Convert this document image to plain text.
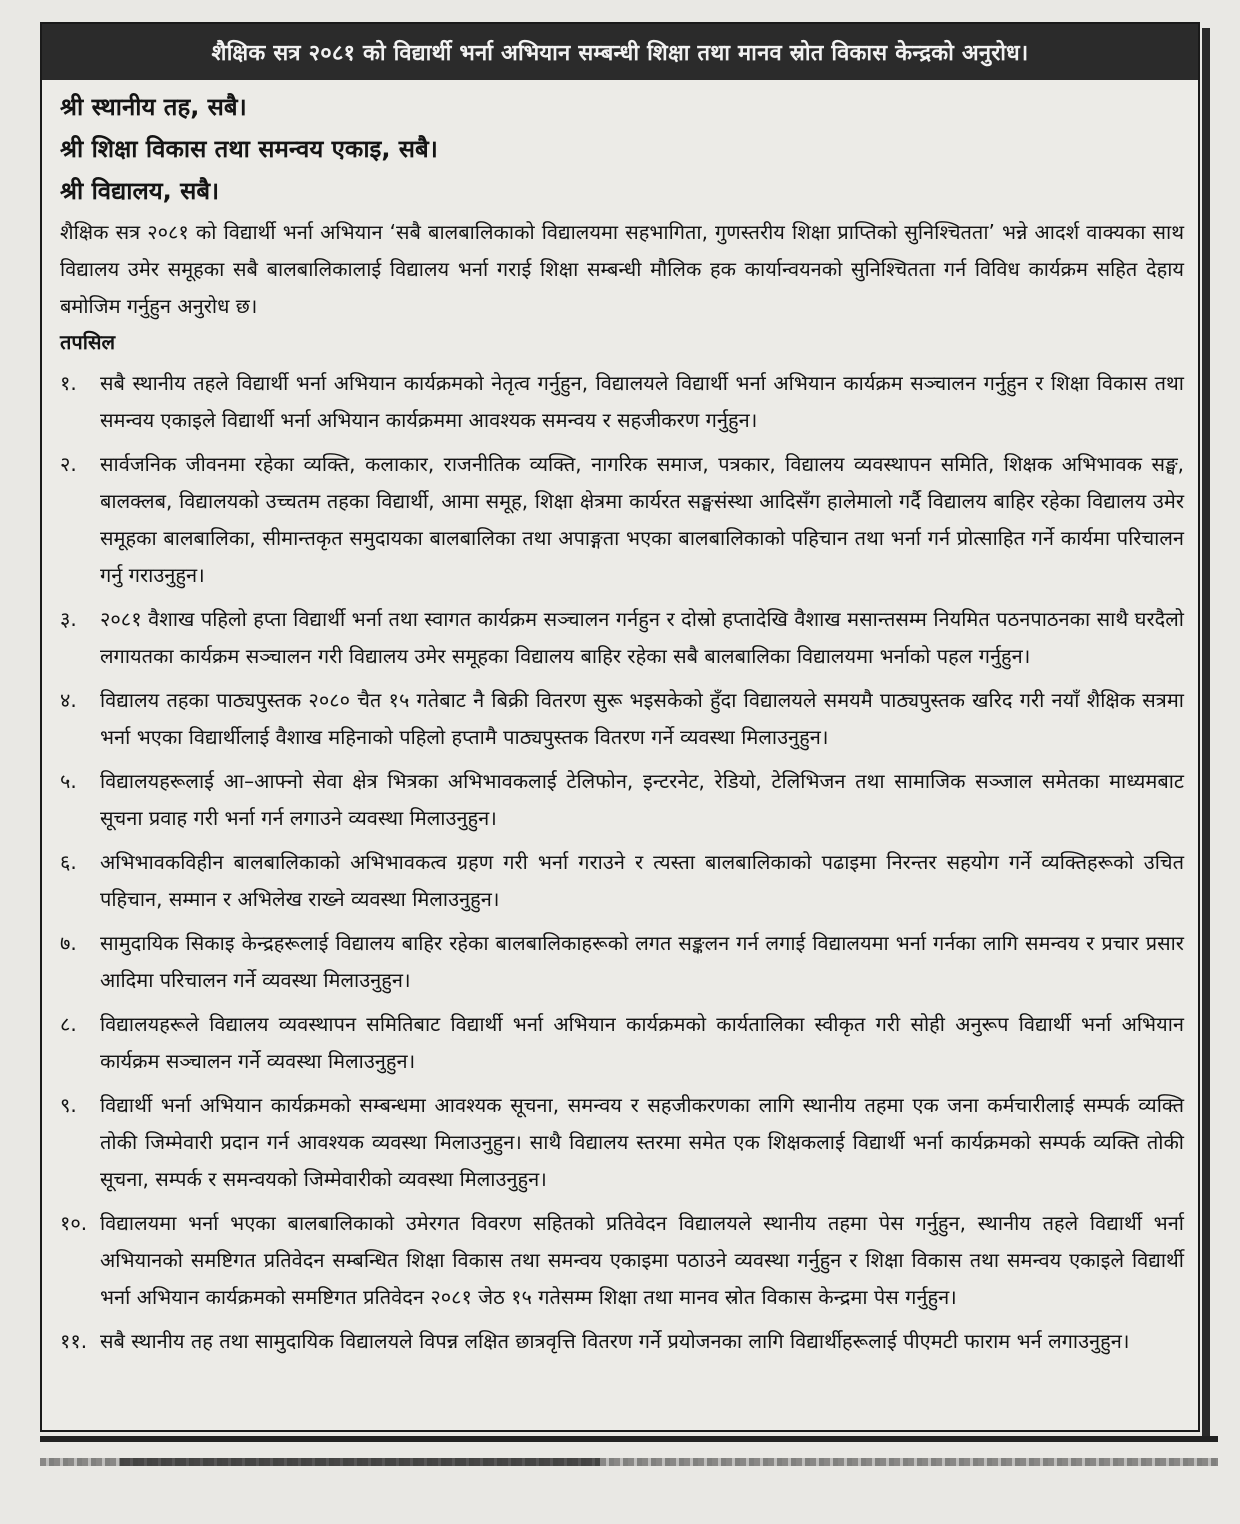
शैक्षिक सत्र २०८१ को विद्यार्थी भर्ना अभियान सम्बन्धी शिक्षा तथा मानव स्रोत विकास केन्द्रको अनुरोध।

श्री स्थानीय तह, सबै।

श्री शिक्षा विकास तथा समन्वय एकाइ, सबै।

श्री विद्यालय, सबै।

शैक्षिक सत्र २०८१ को विद्यार्थी भर्ना अभियान ‘सबै बालबालिकाको विद्यालयमा सहभागिता, गुणस्तरीय शिक्षा प्राप्तिको सुनिश्चितता’ भन्ने आदर्श वाक्यका साथ विद्यालय उमेर समूहका सबै बालबालिकालाई विद्यालय भर्ना गराई शिक्षा सम्बन्धी मौलिक हक कार्यान्वयनको सुनिश्चितता गर्न विविध कार्यक्रम सहित देहाय बमोजिम गर्नुहुन अनुरोध छ।

तपसिल

१.	सबै स्थानीय तहले विद्यार्थी भर्ना अभियान कार्यक्रमको नेतृत्व गर्नुहुन, विद्यालयले विद्यार्थी भर्ना अभियान कार्यक्रम सञ्चालन गर्नुहुन र शिक्षा विकास तथा समन्वय एकाइले विद्यार्थी भर्ना अभियान कार्यक्रममा आवश्यक समन्वय र सहजीकरण गर्नुहुन।
२.	सार्वजनिक जीवनमा रहेका व्यक्ति, कलाकार, राजनीतिक व्यक्ति, नागरिक समाज, पत्रकार, विद्यालय व्यवस्थापन समिति, शिक्षक अभिभावक सङ्घ, बालक्लब, विद्यालयको उच्चतम तहका विद्यार्थी, आमा समूह, शिक्षा क्षेत्रमा कार्यरत सङ्घसंस्था आदिसँग हालेमालो गर्दै विद्यालय बाहिर रहेका विद्यालय उमेर समूहका बालबालिका, सीमान्तकृत समुदायका बालबालिका तथा अपाङ्गता भएका बालबालिकाको पहिचान तथा भर्ना गर्न प्रोत्साहित गर्ने कार्यमा परिचालन गर्नु गराउनुहुन।
३.	२०८१ वैशाख पहिलो हप्ता विद्यार्थी भर्ना तथा स्वागत कार्यक्रम सञ्चालन गर्नहुन र दोस्रो हप्तादेखि वैशाख मसान्तसम्म नियमित पठनपाठनका साथै घरदैलो लगायतका कार्यक्रम सञ्चालन गरी विद्यालय उमेर समूहका विद्यालय बाहिर रहेका सबै बालबालिका विद्यालयमा भर्नाको पहल गर्नुहुन।
४.	विद्यालय तहका पाठ्यपुस्तक २०८० चैत १५ गतेबाट नै बिक्री वितरण सुरू भइसकेको हुँदा विद्यालयले समयमै पाठ्यपुस्तक खरिद गरी नयाँ शैक्षिक सत्रमा भर्ना भएका विद्यार्थीलाई वैशाख महिनाको पहिलो हप्तामै पाठ्यपुस्तक वितरण गर्ने व्यवस्था मिलाउनुहुन।
५.	विद्यालयहरूलाई आ–आफ्नो सेवा क्षेत्र भित्रका अभिभावकलाई टेलिफोन, इन्टरनेट, रेडियो, टेलिभिजन तथा सामाजिक सञ्जाल समेतका माध्यमबाट सूचना प्रवाह गरी भर्ना गर्न लगाउने व्यवस्था मिलाउनुहुन।
६.	अभिभावकविहीन बालबालिकाको अभिभावकत्व ग्रहण गरी भर्ना गराउने र त्यस्ता बालबालिकाको पढाइमा निरन्तर सहयोग गर्ने व्यक्तिहरूको उचित पहिचान, सम्मान र अभिलेख राख्ने व्यवस्था मिलाउनुहुन।
७.	सामुदायिक सिकाइ केन्द्रहरूलाई विद्यालय बाहिर रहेका बालबालिकाहरूको लगत सङ्कलन गर्न लगाई विद्यालयमा भर्ना गर्नका लागि समन्वय र प्रचार प्रसार आदिमा परिचालन गर्ने व्यवस्था मिलाउनुहुन।
८.	विद्यालयहरूले विद्यालय व्यवस्थापन समितिबाट विद्यार्थी भर्ना अभियान कार्यक्रमको कार्यतालिका स्वीकृत गरी सोही अनुरूप विद्यार्थी भर्ना अभियान कार्यक्रम सञ्चालन गर्ने व्यवस्था मिलाउनुहुन।
९.	विद्यार्थी भर्ना अभियान कार्यक्रमको सम्बन्धमा आवश्यक सूचना, समन्वय र सहजीकरणका लागि स्थानीय तहमा एक जना कर्मचारीलाई सम्पर्क व्यक्ति तोकी जिम्मेवारी प्रदान गर्न आवश्यक व्यवस्था मिलाउनुहुन। साथै विद्यालय स्तरमा समेत एक शिक्षकलाई विद्यार्थी भर्ना कार्यक्रमको सम्पर्क व्यक्ति तोकी सूचना, सम्पर्क र समन्वयको जिम्मेवारीको व्यवस्था मिलाउनुहुन।
१०. विद्यालयमा भर्ना भएका बालबालिकाको उमेरगत विवरण सहितको प्रतिवेदन विद्यालयले स्थानीय तहमा पेस गर्नुहुन, स्थानीय तहले विद्यार्थी भर्ना अभियानको समष्टिगत प्रतिवेदन सम्बन्धित शिक्षा विकास तथा समन्वय एकाइमा पठाउने व्यवस्था गर्नुहुन र शिक्षा विकास तथा समन्वय एकाइले विद्यार्थी भर्ना अभियान कार्यक्रमको समष्टिगत प्रतिवेदन २०८१ जेठ १५ गतेसम्म शिक्षा तथा मानव स्रोत विकास केन्द्रमा पेस गर्नुहुन।
११. सबै स्थानीय तह तथा सामुदायिक विद्यालयले विपन्न लक्षित छात्रवृत्ति वितरण गर्ने प्रयोजनका लागि विद्यार्थीहरूलाई पीएमटी फाराम भर्न लगाउनुहुन।
